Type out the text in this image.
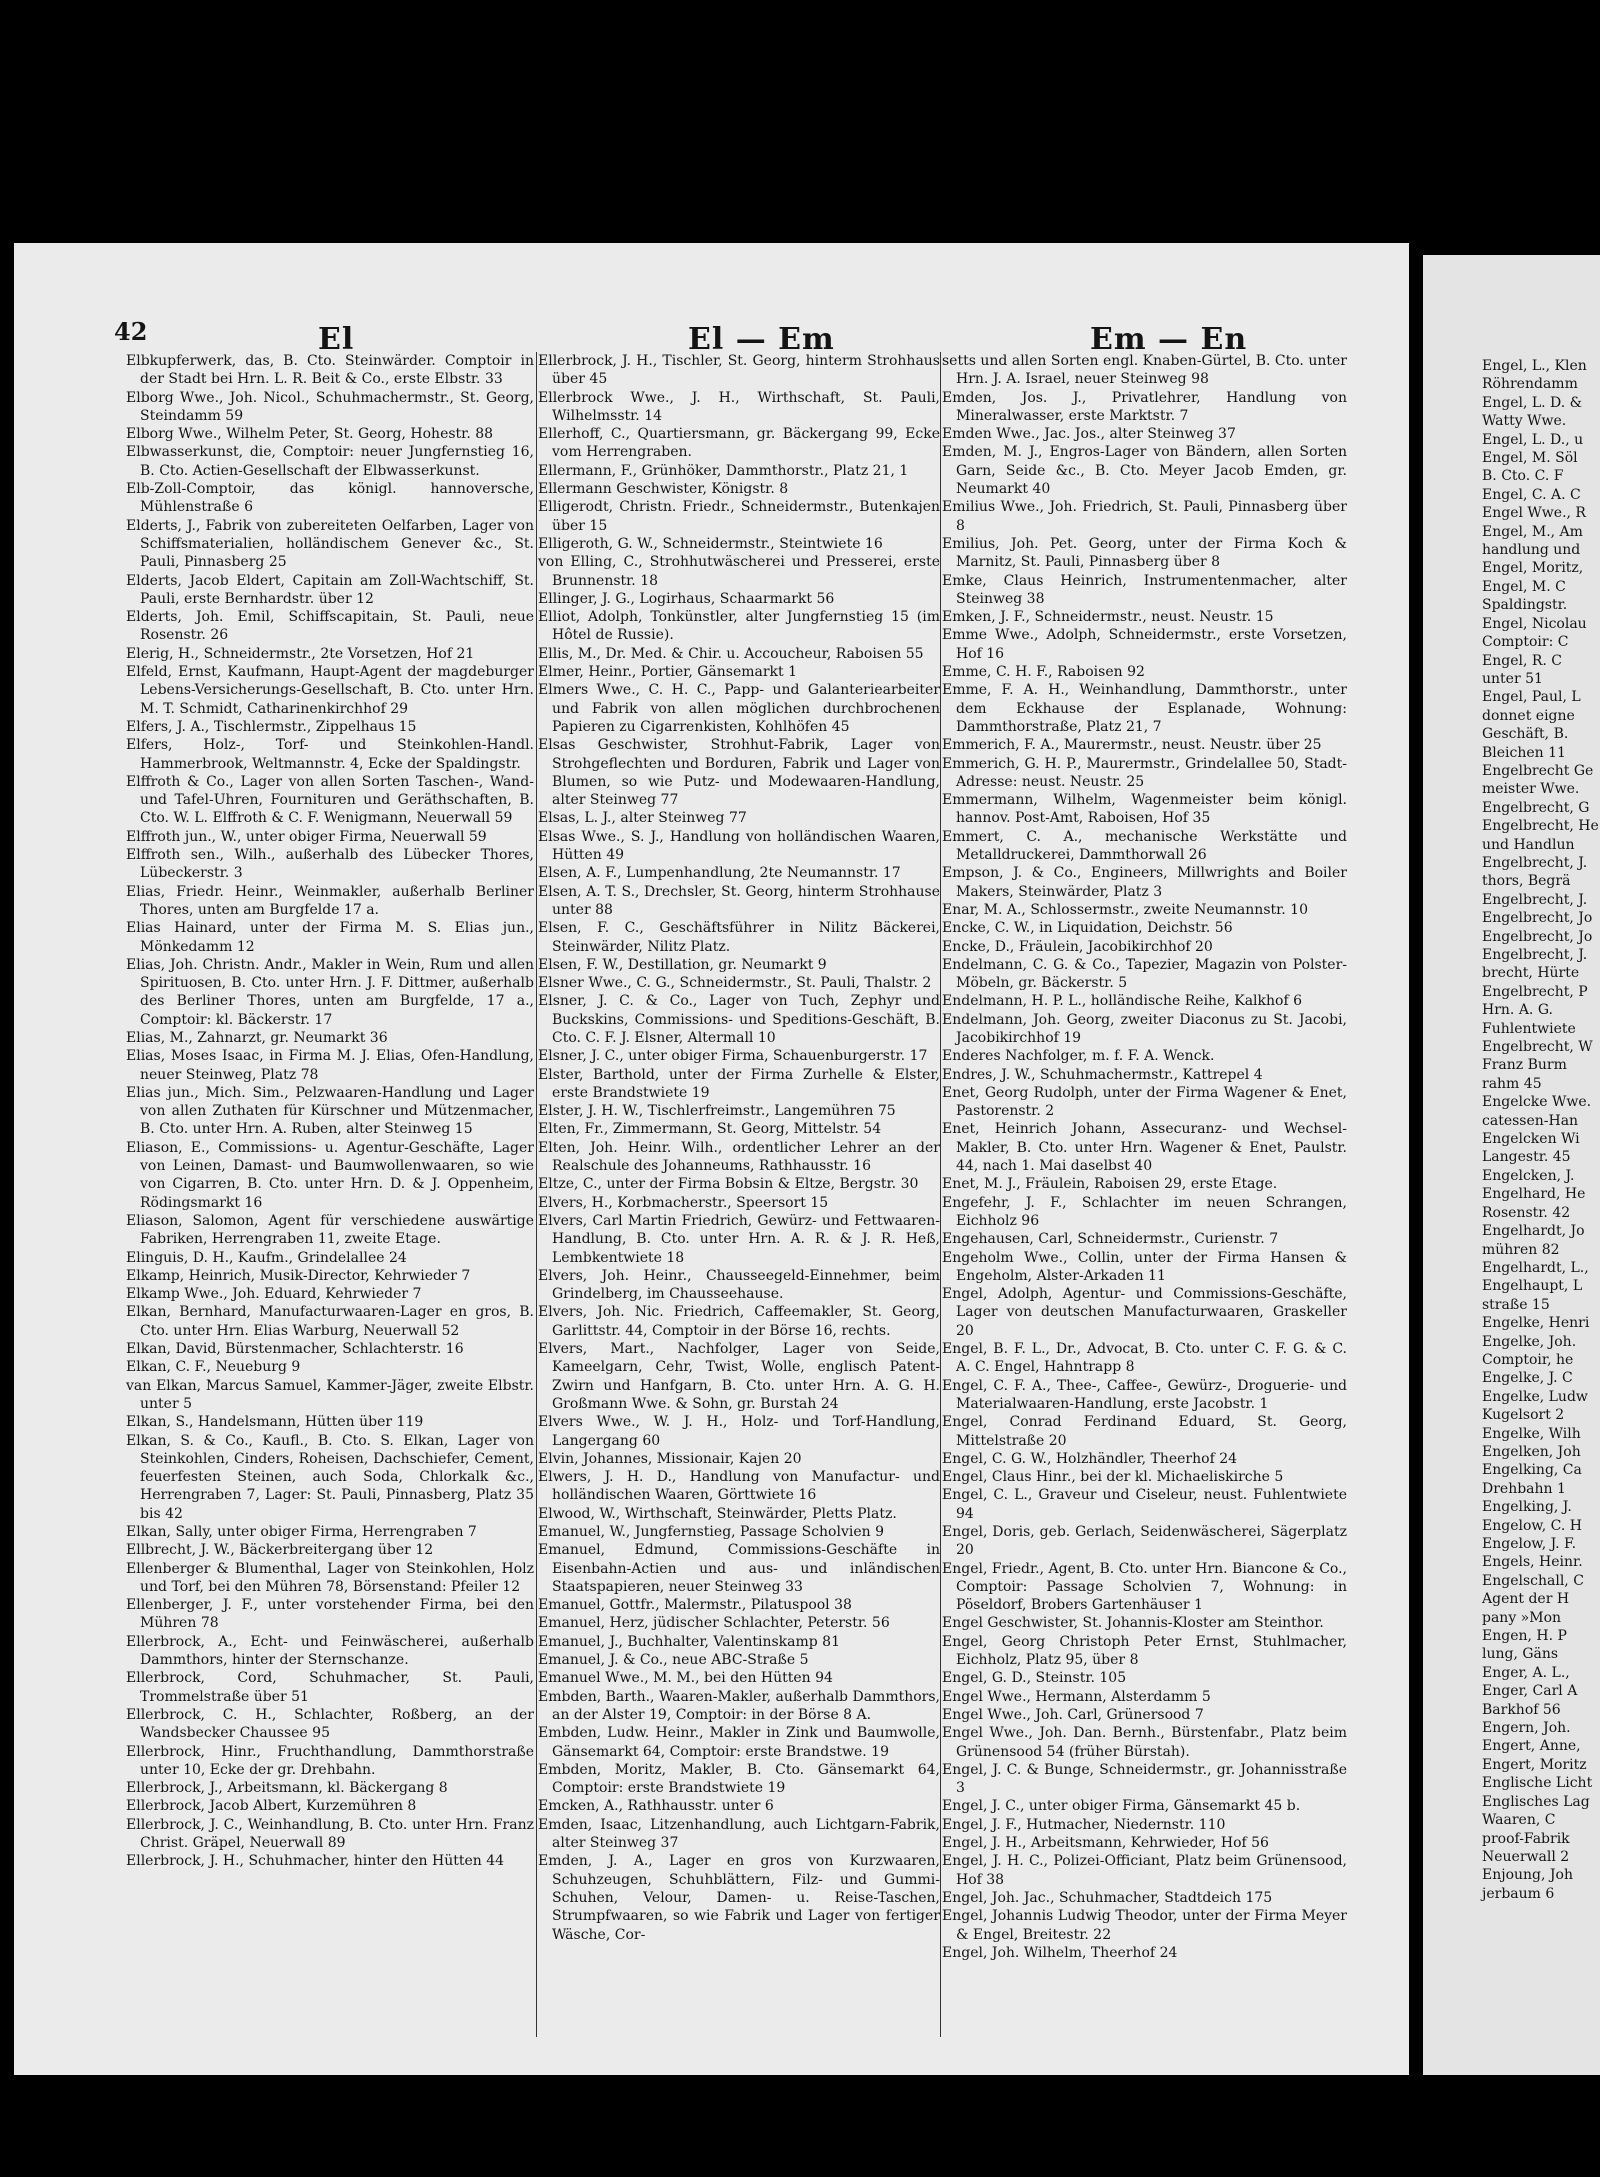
42	El	El — Em	Em — En
Elbkupferwerk, das, B. Cto. Steinwärder. Comptoir in der Stadt bei Hrn. L. R. Beit & Co., erste Elbstr. 33
Elborg Wwe., Joh. Nicol., Schuhmachermstr., St. Georg, Steindamm 59
Elborg Wwe., Wilhelm Peter, St. Georg, Hohestr. 88
Elbwasserkunst, die, Comptoir: neuer Jungfernstieg 16, B. Cto. Actien-Gesellschaft der Elbwasserkunst.
Elb-Zoll-Comptoir, das königl. hannoversche, Mühlenstraße 6
Elderts, J., Fabrik von zubereiteten Oelfarben, Lager von Schiffsmaterialien, holländischem Genever &c., St. Pauli, Pinnasberg 25
Elderts, Jacob Eldert, Capitain am Zoll-Wachtschiff, St. Pauli, erste Bernhardstr. über 12
Elderts, Joh. Emil, Schiffscapitain, St. Pauli, neue Rosenstr. 26
Elerig, H., Schneidermstr., 2te Vorsetzen, Hof 21
Elfeld, Ernst, Kaufmann, Haupt-Agent der magdeburger Lebens-Versicherungs-Gesellschaft, B. Cto. unter Hrn. M. T. Schmidt, Catharinenkirchhof 29
Elfers, J. A., Tischlermstr., Zippelhaus 15
Elfers, Holz-, Torf- und Steinkohlen-Handl. Hammerbrook, Weltmannstr. 4, Ecke der Spaldingstr.
Elffroth & Co., Lager von allen Sorten Taschen-, Wand- und Tafel-Uhren, Fournituren und Geräthschaften, B. Cto. W. L. Elffroth & C. F. Wenigmann, Neuerwall 59
Elffroth jun., W., unter obiger Firma, Neuerwall 59
Elffroth sen., Wilh., außerhalb des Lübecker Thores, Lübeckerstr. 3
Elias, Friedr. Heinr., Weinmakler, außerhalb Berliner Thores, unten am Burgfelde 17 a.
Elias Hainard, unter der Firma M. S. Elias jun., Mönkedamm 12
Elias, Joh. Christn. Andr., Makler in Wein, Rum und allen Spirituosen, B. Cto. unter Hrn. J. F. Dittmer, außerhalb des Berliner Thores, unten am Burgfelde, 17 a., Comptoir: kl. Bäckerstr. 17
Elias, M., Zahnarzt, gr. Neumarkt 36
Elias, Moses Isaac, in Firma M. J. Elias, Ofen-Handlung, neuer Steinweg, Platz 78
Elias jun., Mich. Sim., Pelzwaaren-Handlung und Lager von allen Zuthaten für Kürschner und Mützenmacher, B. Cto. unter Hrn. A. Ruben, alter Steinweg 15
Eliason, E., Commissions- u. Agentur-Geschäfte, Lager von Leinen, Damast- und Baumwollenwaaren, so wie von Cigarren, B. Cto. unter Hrn. D. & J. Oppenheim, Rödingsmarkt 16
Eliason, Salomon, Agent für verschiedene auswärtige Fabriken, Herrengraben 11, zweite Etage.
Elinguis, D. H., Kaufm., Grindelallee 24
Elkamp, Heinrich, Musik-Director, Kehrwieder 7
Elkamp Wwe., Joh. Eduard, Kehrwieder 7
Elkan, Bernhard, Manufacturwaaren-Lager en gros, B. Cto. unter Hrn. Elias Warburg, Neuerwall 52
Elkan, David, Bürstenmacher, Schlachterstr. 16
Elkan, C. F., Neueburg 9
van Elkan, Marcus Samuel, Kammer-Jäger, zweite Elbstr. unter 5
Elkan, S., Handelsmann, Hütten über 119
Elkan, S. & Co., Kaufl., B. Cto. S. Elkan, Lager von Steinkohlen, Cinders, Roheisen, Dachschiefer, Cement, feuerfesten Steinen, auch Soda, Chlorkalk &c., Herrengraben 7, Lager: St. Pauli, Pinnasberg, Platz 35 bis 42
Elkan, Sally, unter obiger Firma, Herrengraben 7
Ellbrecht, J. W., Bäckerbreitergang über 12
Ellenberger & Blumenthal, Lager von Steinkohlen, Holz und Torf, bei den Mühren 78, Börsenstand: Pfeiler 12
Ellenberger, J. F., unter vorstehender Firma, bei den Mühren 78
Ellerbrock, A., Echt- und Feinwäscherei, außerhalb Dammthors, hinter der Sternschanze.
Ellerbrock, Cord, Schuhmacher, St. Pauli, Trommelstraße über 51
Ellerbrock, C. H., Schlachter, Roßberg, an der Wandsbecker Chaussee 95
Ellerbrock, Hinr., Fruchthandlung, Dammthorstraße unter 10, Ecke der gr. Drehbahn.
Ellerbrock, J., Arbeitsmann, kl. Bäckergang 8
Ellerbrock, Jacob Albert, Kurzemühren 8
Ellerbrock, J. C., Weinhandlung, B. Cto. unter Hrn. Franz Christ. Gräpel, Neuerwall 89
Ellerbrock, J. H., Schuhmacher, hinter den Hütten 44
Ellerbrock, J. H., Tischler, St. Georg, hinterm Strohhaus über 45
Ellerbrock Wwe., J. H., Wirthschaft, St. Pauli, Wilhelmsstr. 14
Ellerhoff, C., Quartiersmann, gr. Bäckergang 99, Ecke vom Herrengraben.
Ellermann, F., Grünhöker, Dammthorstr., Platz 21, 1
Ellermann Geschwister, Königstr. 8
Elligerodt, Christn. Friedr., Schneidermstr., Butenkajen über 15
Elligeroth, G. W., Schneidermstr., Steintwiete 16
von Elling, C., Strohhutwäscherei und Presserei, erste Brunnenstr. 18
Ellinger, J. G., Logirhaus, Schaarmarkt 56
Elliot, Adolph, Tonkünstler, alter Jungfernstieg 15 (im Hôtel de Russie).
Ellis, M., Dr. Med. & Chir. u. Accoucheur, Raboisen 55
Elmer, Heinr., Portier, Gänsemarkt 1
Elmers Wwe., C. H. C., Papp- und Galanteriearbeiter und Fabrik von allen möglichen durchbrochenen Papieren zu Cigarrenkisten, Kohlhöfen 45
Elsas Geschwister, Strohhut-Fabrik, Lager von Strohgeflechten und Borduren, Fabrik und Lager von Blumen, so wie Putz- und Modewaaren-Handlung, alter Steinweg 77
Elsas, L. J., alter Steinweg 77
Elsas Wwe., S. J., Handlung von holländischen Waaren, Hütten 49
Elsen, A. F., Lumpenhandlung, 2te Neumannstr. 17
Elsen, A. T. S., Drechsler, St. Georg, hinterm Strohhause unter 88
Elsen, F. C., Geschäftsführer in Nilitz Bäckerei, Steinwärder, Nilitz Platz.
Elsen, F. W., Destillation, gr. Neumarkt 9
Elsner Wwe., C. G., Schneidermstr., St. Pauli, Thalstr. 2
Elsner, J. C. & Co., Lager von Tuch, Zephyr und Buckskins, Commissions- und Speditions-Geschäft, B. Cto. C. F. J. Elsner, Altermall 10
Elsner, J. C., unter obiger Firma, Schauenburgerstr. 17
Elster, Barthold, unter der Firma Zurhelle & Elster, erste Brandstwiete 19
Elster, J. H. W., Tischlerfreimstr., Langemühren 75
Elten, Fr., Zimmermann, St. Georg, Mittelstr. 54
Elten, Joh. Heinr. Wilh., ordentlicher Lehrer an der Realschule des Johanneums, Rathhausstr. 16
Eltze, C., unter der Firma Bobsin & Eltze, Bergstr. 30
Elvers, H., Korbmacherstr., Speersort 15
Elvers, Carl Martin Friedrich, Gewürz- und Fettwaaren-Handlung, B. Cto. unter Hrn. A. R. & J. R. Heß, Lembkentwiete 18
Elvers, Joh. Heinr., Chausseegeld-Einnehmer, beim Grindelberg, im Chausseehause.
Elvers, Joh. Nic. Friedrich, Caffeemakler, St. Georg, Garlittstr. 44, Comptoir in der Börse 16, rechts.
Elvers, Mart., Nachfolger, Lager von Seide, Kameelgarn, Cehr, Twist, Wolle, englisch Patent-Zwirn und Hanfgarn, B. Cto. unter Hrn. A. G. H. Großmann Wwe. & Sohn, gr. Burstah 24
Elvers Wwe., W. J. H., Holz- und Torf-Handlung, Langergang 60
Elvin, Johannes, Missionair, Kajen 20
Elwers, J. H. D., Handlung von Manufactur- und holländischen Waaren, Görttwiete 16
Elwood, W., Wirthschaft, Steinwärder, Pletts Platz.
Emanuel, W., Jungfernstieg, Passage Scholvien 9
Emanuel, Edmund, Commissions-Geschäfte in Eisenbahn-Actien und aus- und inländischen Staatspapieren, neuer Steinweg 33
Emanuel, Gottfr., Malermstr., Pilatuspool 38
Emanuel, Herz, jüdischer Schlachter, Peterstr. 56
Emanuel, J., Buchhalter, Valentinskamp 81
Emanuel, J. & Co., neue ABC-Straße 5
Emanuel Wwe., M. M., bei den Hütten 94
Embden, Barth., Waaren-Makler, außerhalb Dammthors, an der Alster 19, Comptoir: in der Börse 8 A.
Embden, Ludw. Heinr., Makler in Zink und Baumwolle, Gänsemarkt 64, Comptoir: erste Brandstwe. 19
Embden, Moritz, Makler, B. Cto. Gänsemarkt 64, Comptoir: erste Brandstwiete 19
Emcken, A., Rathhausstr. unter 6
Emden, Isaac, Litzenhandlung, auch Lichtgarn-Fabrik, alter Steinweg 37
Emden, J. A., Lager en gros von Kurzwaaren, Schuhzeugen, Schuhblättern, Filz- und Gummi-Schuhen, Velour, Damen- u. Reise-Taschen, Strumpfwaaren, so wie Fabrik und Lager von fertiger Wäsche, Cor-
setts und allen Sorten engl. Knaben-Gürtel, B. Cto. unter Hrn. J. A. Israel, neuer Steinweg 98
Emden, Jos. J., Privatlehrer, Handlung von Mineralwasser, erste Marktstr. 7
Emden Wwe., Jac. Jos., alter Steinweg 37
Emden, M. J., Engros-Lager von Bändern, allen Sorten Garn, Seide &c., B. Cto. Meyer Jacob Emden, gr. Neumarkt 40
Emilius Wwe., Joh. Friedrich, St. Pauli, Pinnasberg über 8
Emilius, Joh. Pet. Georg, unter der Firma Koch & Marnitz, St. Pauli, Pinnasberg über 8
Emke, Claus Heinrich, Instrumentenmacher, alter Steinweg 38
Emken, J. F., Schneidermstr., neust. Neustr. 15
Emme Wwe., Adolph, Schneidermstr., erste Vorsetzen, Hof 16
Emme, C. H. F., Raboisen 92
Emme, F. A. H., Weinhandlung, Dammthorstr., unter dem Eckhause der Esplanade, Wohnung: Dammthorstraße, Platz 21, 7
Emmerich, F. A., Maurermstr., neust. Neustr. über 25
Emmerich, G. H. P., Maurermstr., Grindelallee 50, Stadt-Adresse: neust. Neustr. 25
Emmermann, Wilhelm, Wagenmeister beim königl. hannov. Post-Amt, Raboisen, Hof 35
Emmert, C. A., mechanische Werkstätte und Metalldruckerei, Dammthorwall 26
Empson, J. & Co., Engineers, Millwrights and Boiler Makers, Steinwärder, Platz 3
Enar, M. A., Schlossermstr., zweite Neumannstr. 10
Encke, C. W., in Liquidation, Deichstr. 56
Encke, D., Fräulein, Jacobikirchhof 20
Endelmann, C. G. & Co., Tapezier, Magazin von Polster-Möbeln, gr. Bäckerstr. 5
Endelmann, H. P. L., holländische Reihe, Kalkhof 6
Endelmann, Joh. Georg, zweiter Diaconus zu St. Jacobi, Jacobikirchhof 19
Enderes Nachfolger, m. f. F. A. Wenck.
Endres, J. W., Schuhmachermstr., Kattrepel 4
Enet, Georg Rudolph, unter der Firma Wagener & Enet, Pastorenstr. 2
Enet, Heinrich Johann, Assecuranz- und Wechsel-Makler, B. Cto. unter Hrn. Wagener & Enet, Paulstr. 44, nach 1. Mai daselbst 40
Enet, M. J., Fräulein, Raboisen 29, erste Etage.
Engefehr, J. F., Schlachter im neuen Schrangen, Eichholz 96
Engehausen, Carl, Schneidermstr., Curienstr. 7
Engeholm Wwe., Collin, unter der Firma Hansen & Engeholm, Alster-Arkaden 11
Engel, Adolph, Agentur- und Commissions-Geschäfte, Lager von deutschen Manufacturwaaren, Graskeller 20
Engel, B. F. L., Dr., Advocat, B. Cto. unter C. F. G. & C. A. C. Engel, Hahntrapp 8
Engel, C. F. A., Thee-, Caffee-, Gewürz-, Droguerie- und Materialwaaren-Handlung, erste Jacobstr. 1
Engel, Conrad Ferdinand Eduard, St. Georg, Mittelstraße 20
Engel, C. G. W., Holzhändler, Theerhof 24
Engel, Claus Hinr., bei der kl. Michaeliskirche 5
Engel, C. L., Graveur und Ciseleur, neust. Fuhlentwiete 94
Engel, Doris, geb. Gerlach, Seidenwäscherei, Sägerplatz 20
Engel, Friedr., Agent, B. Cto. unter Hrn. Biancone & Co., Comptoir: Passage Scholvien 7, Wohnung: in Pöseldorf, Brobers Gartenhäuser 1
Engel Geschwister, St. Johannis-Kloster am Steinthor.
Engel, Georg Christoph Peter Ernst, Stuhlmacher, Eichholz, Platz 95, über 8
Engel, G. D., Steinstr. 105
Engel Wwe., Hermann, Alsterdamm 5
Engel Wwe., Joh. Carl, Grünersood 7
Engel Wwe., Joh. Dan. Bernh., Bürstenfabr., Platz beim Grünensood 54 (früher Bürstah).
Engel, J. C. & Bunge, Schneidermstr., gr. Johannisstraße 3
Engel, J. C., unter obiger Firma, Gänsemarkt 45 b.
Engel, J. F., Hutmacher, Niedernstr. 110
Engel, J. H., Arbeitsmann, Kehrwieder, Hof 56
Engel, J. H. C., Polizei-Officiant, Platz beim Grünensood, Hof 38
Engel, Joh. Jac., Schuhmacher, Stadtdeich 175
Engel, Johannis Ludwig Theodor, unter der Firma Meyer & Engel, Breitestr. 22
Engel, Joh. Wilhelm, Theerhof 24
Engel, L., Klen
Röhrendamm
Engel, L. D. &
Watty Wwe.
Engel, L. D., u
Engel, M. Söl
B. Cto. C. F
Engel, C. A. C
Engel Wwe., R
Engel, M., Am
handlung und
Engel, Moritz,
Engel, M. C
Spaldingstr.
Engel, Nicolau
Comptoir: C
Engel, R. C
unter 51
Engel, Paul, L
donnet eigne
Geschäft, B.
Bleichen 11
Engelbrecht Ge
meister Wwe.
Engelbrecht, G
Engelbrecht, He
und Handlun
Engelbrecht, J.
thors, Begrä
Engelbrecht, J.
Engelbrecht, Jo
Engelbrecht, Jo
Engelbrecht, J.
brecht, Hürte
Engelbrecht, P
Hrn. A. G.
Fuhlentwiete
Engelbrecht, W
Franz Burm
rahm 45
Engelcke Wwe.
catessen-Han
Engelcken Wi
Langestr. 45
Engelcken, J.
Engelhard, He
Rosenstr. 42
Engelhardt, Jo
mühren 82
Engelhardt, L.,
Engelhaupt, L
straße 15
Engelke, Henri
Engelke, Joh.
Comptoir, he
Engelke, J. C
Engelke, Ludw
Kugelsort 2
Engelke, Wilh
Engelken, Joh
Engelking, Ca
Drehbahn 1
Engelking, J.
Engelow, C. H
Engelow, J. F.
Engels, Heinr.
Engelschall, C
Agent der H
pany »Mon
Engen, H. P
lung, Gäns
Enger, A. L.,
Enger, Carl A
Barkhof 56
Engern, Joh.
Engert, Anne,
Engert, Moritz
Englische Licht
Englisches Lag
Waaren, C
proof-Fabrik
Neuerwall 2
Enjoung, Joh
jerbaum 6
